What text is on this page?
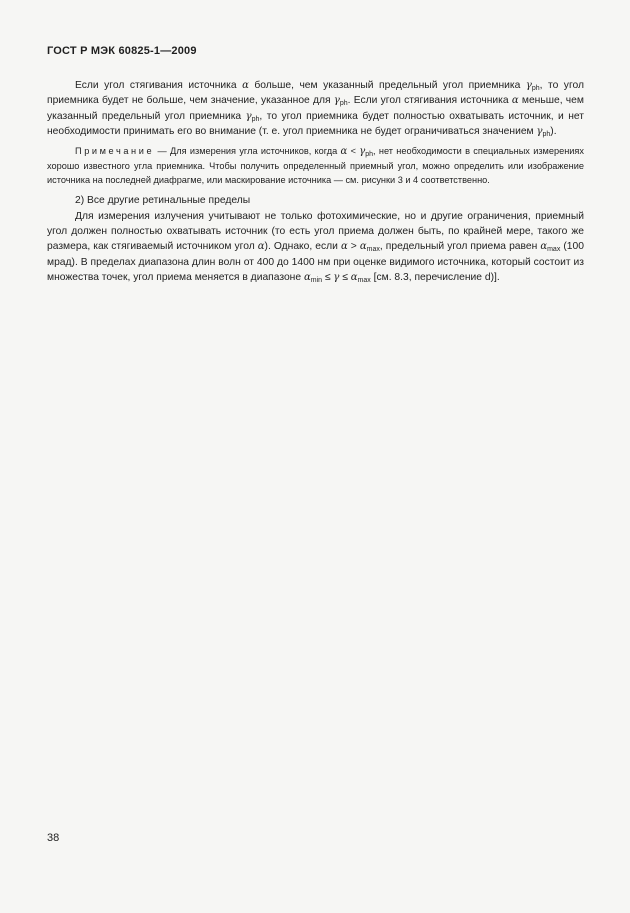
ГОСТ Р МЭК 60825-1—2009

Если угол стягивания источника α больше, чем указанный предельный угол приемника $\gamma_{ph}$, то угол приемника будет не больше, чем значение, указанное для $\gamma_{ph}$. Если угол стягивания источника α меньше, чем указанный предельный угол приемника $\gamma_{ph}$, то угол приемника будет полностью охватывать источник, и нет необходимости принимать его во внимание (т. е. угол приемника не будет ограничиваться значением $\gamma_{ph}$).

Примечание — Для измерения угла источников, когда $\alpha < \gamma_{ph}$, нет необходимости в специальных измерениях хорошо известного угла приемника. Чтобы получить определенный приемный угол, можно определить или изображение источника на последней диафрагме, или маскирование источника — см. рисунки 3 и 4 соответственно.

2) Все другие ретинальные пределы

Для измерения излучения учитывают не только фотохимические, но и другие ограничения, приемный угол должен полностью охватывать источник (то есть угол приема должен быть, по крайней мере, такого же размера, как стягиваемый источником угол α). Однако, если $\alpha > \alpha_{max}$, предельный угол приема равен $\alpha_{max}$ (100 мрад). В пределах диапазона длин волн от 400 до 1400 нм при оценке видимого источника, который состоит из множества точек, угол приема меняется в диапазоне $\alpha_{min} \le \gamma \le \alpha_{max}$ [см. 8.3, перечисление d)].

38
